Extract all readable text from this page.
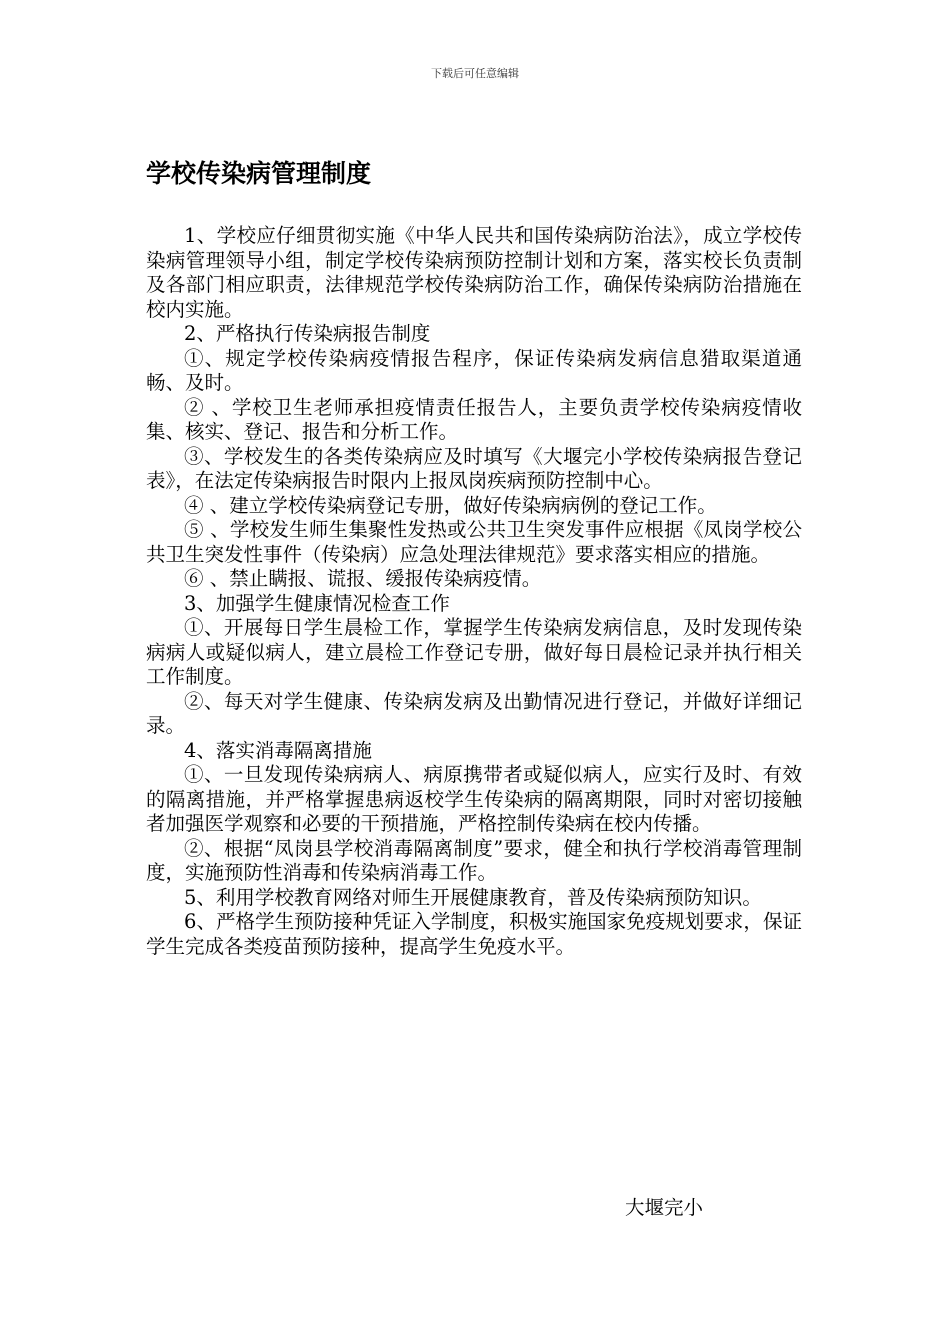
下载后可任意编辑
学校传染病管理制度

1、学校应仔细贯彻实施《中华人民共和国传染病防治法》，成立学校传染病管理领导小组，制定学校传染病预防控制计划和方案，落实校长负责制及各部门相应职责，法律规范学校传染病防治工作，确保传染病防治措施在校内实施。

2、严格执行传染病报告制度

①、规定学校传染病疫情报告程序，保证传染病发病信息猎取渠道通畅、及时。

② 、学校卫生老师承担疫情责任报告人，主要负责学校传染病疫情收集、核实、登记、报告和分析工作。

③、学校发生的各类传染病应及时填写《大堰完小学校传染病报告登记表》，在法定传染病报告时限内上报凤岗疾病预防控制中心。

④ 、建立学校传染病登记专册，做好传染病病例的登记工作。

⑤ 、学校发生师生集聚性发热或公共卫生突发事件应根据《凤岗学校公共卫生突发性事件（传染病）应急处理法律规范》要求落实相应的措施。

⑥ 、禁止瞒报、谎报、缓报传染病疫情。

3、加强学生健康情况检查工作

①、开展每日学生晨检工作，掌握学生传染病发病信息，及时发现传染病病人或疑似病人，建立晨检工作登记专册，做好每日晨检记录并执行相关工作制度。

②、每天对学生健康、传染病发病及出勤情况进行登记，并做好详细记录。

4、落实消毒隔离措施

①、一旦发现传染病病人、病原携带者或疑似病人，应实行及时、有效的隔离措施，并严格掌握患病返校学生传染病的隔离期限，同时对密切接触者加强医学观察和必要的干预措施，严格控制传染病在校内传播。

②、根据“凤岗县学校消毒隔离制度”要求，健全和执行学校消毒管理制度，实施预防性消毒和传染病消毒工作。

5、利用学校教育网络对师生开展健康教育，普及传染病预防知识。

6、严格学生预防接种凭证入学制度，积极实施国家免疫规划要求，保证学生完成各类疫苗预防接种，提高学生免疫水平。

大堰完小
